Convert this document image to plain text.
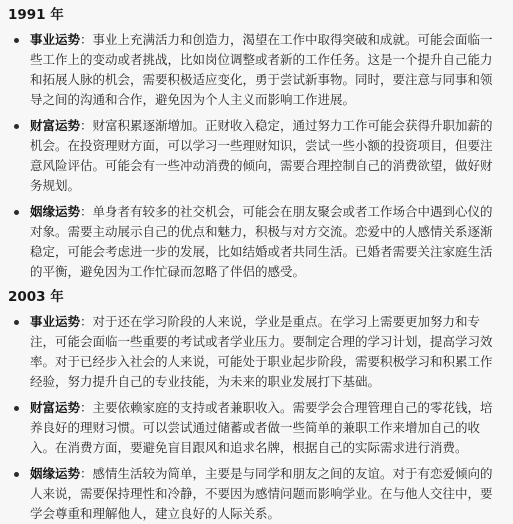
1991 年
事业运势：事业上充满活力和创造力，渴望在工作中取得突破和成就。可能会面临一些工作上的变动或者挑战，比如岗位调整或者新的工作任务。这是一个提升自己能力和拓展人脉的机会，需要积极适应变化，勇于尝试新事物。同时，要注意与同事和领导之间的沟通和合作，避免因为个人主义而影响工作进展。
财富运势：财富积累逐渐增加。正财收入稳定，通过努力工作可能会获得升职加薪的机会。在投资理财方面，可以学习一些理财知识，尝试一些小额的投资项目，但要注意风险评估。可能会有一些冲动消费的倾向，需要合理控制自己的消费欲望，做好财务规划。
姻缘运势：单身者有较多的社交机会，可能会在朋友聚会或者工作场合中遇到心仪的对象。需要主动展示自己的优点和魅力，积极与对方交流。恋爱中的人感情关系逐渐稳定，可能会考虑进一步的发展，比如结婚或者共同生活。已婚者需要关注家庭生活的平衡，避免因为工作忙碌而忽略了伴侣的感受。
2003 年
事业运势：对于还在学习阶段的人来说，学业是重点。在学习上需要更加努力和专注，可能会面临一些重要的考试或者学业压力。要制定合理的学习计划，提高学习效率。对于已经步入社会的人来说，可能处于职业起步阶段，需要积极学习和积累工作经验，努力提升自己的专业技能，为未来的职业发展打下基础。
财富运势：主要依赖家庭的支持或者兼职收入。需要学会合理管理自己的零花钱，培养良好的理财习惯。可以尝试通过储蓄或者做一些简单的兼职工作来增加自己的收入。在消费方面，要避免盲目跟风和追求名牌，根据自己的实际需求进行消费。
姻缘运势：感情生活较为简单，主要是与同学和朋友之间的友谊。对于有恋爱倾向的人来说，需要保持理性和冷静，不要因为感情问题而影响学业。在与他人交往中，要学会尊重和理解他人，建立良好的人际关系。
